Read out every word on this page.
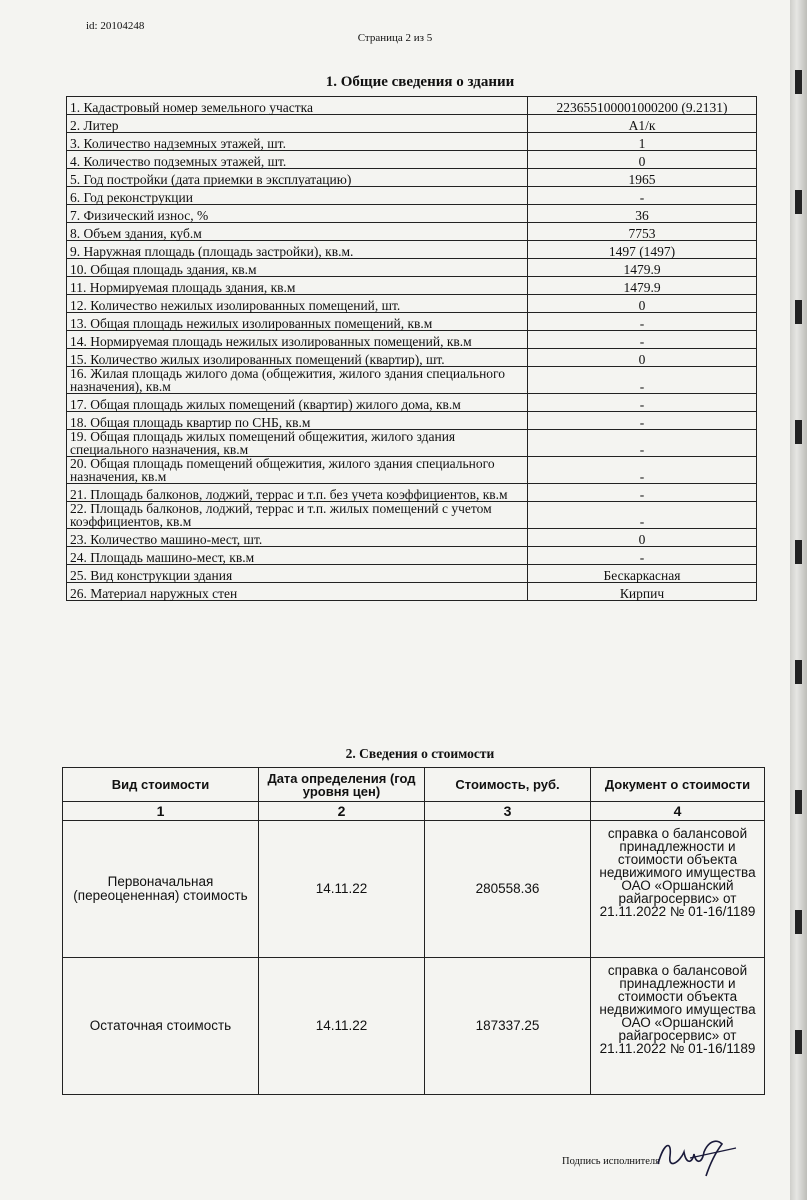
id: 20104248
Страница 2 из 5
1. Общие сведения о здании
1. Кадастровый номер земельного участка	223655100001000200 (9.2131)
2. Литер	А1/к
3. Количество надземных этажей, шт.	1
4. Количество подземных этажей, шт.	0
5. Год постройки (дата приемки в эксплуатацию)	1965
6. Год реконструкции	-
7. Физический износ, %	36
8. Объем здания, куб.м	7753
9. Наружная площадь (площадь застройки), кв.м.	1497 (1497)
10. Общая площадь здания, кв.м	1479.9
11. Нормируемая площадь здания, кв.м	1479.9
12. Количество нежилых изолированных помещений, шт.	0
13. Общая площадь нежилых изолированных помещений, кв.м	-
14. Нормируемая площадь нежилых изолированных помещений, кв.м	-
15. Количество жилых изолированных помещений (квартир), шт.	0
16. Жилая площадь жилого дома (общежития, жилого здания специального назначения), кв.м	-
17. Общая площадь жилых помещений (квартир) жилого дома, кв.м	-
18. Общая площадь квартир по СНБ, кв.м	-
19. Общая площадь жилых помещений общежития, жилого здания специального назначения, кв.м	-
20. Общая площадь помещений общежития, жилого здания специального назначения, кв.м	-
21. Площадь балконов, лоджий, террас и т.п. без учета коэффициентов, кв.м	-
22. Площадь балконов, лоджий, террас и т.п. жилых помещений с учетом коэффициентов, кв.м	-
23. Количество машино-мест, шт.	0
24. Площадь машино-мест, кв.м	-
25. Вид конструкции здания	Бескаркасная
26. Материал наружных стен	Кирпич
2. Сведения о стоимости
Вид стоимости	Дата определения (год уровня цен)	Стоимость, руб.	Документ о стоимости
1	2	3	4
Первоначальная (переоцененная) стоимость	14.11.22	280558.36	справка о балансовой принадлежности и стоимости объекта недвижимого имущества ОАО «Оршанский райагросервис» от 21.11.2022 № 01-16/1189
Остаточная стоимость	14.11.22	187337.25	справка о балансовой принадлежности и стоимости объекта недвижимого имущества ОАО «Оршанский райагросервис» от 21.11.2022 № 01-16/1189
Подпись исполнителя
